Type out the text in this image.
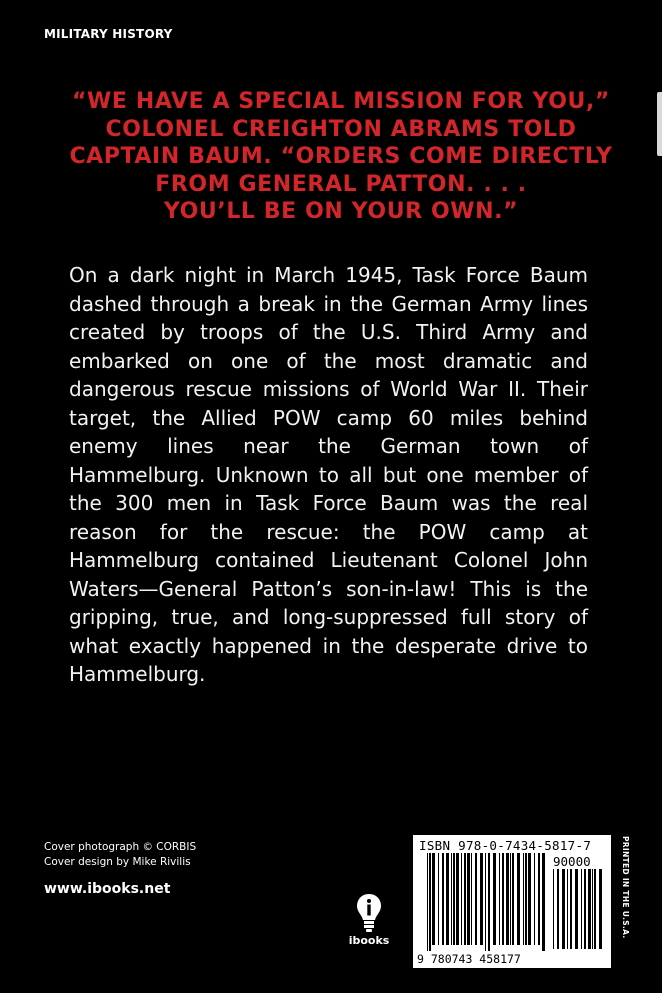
MILITARY HISTORY
“WE HAVE A SPECIAL MISSION FOR YOU,”
COLONEL CREIGHTON ABRAMS TOLD
CAPTAIN BAUM. “ORDERS COME DIRECTLY
FROM GENERAL PATTON. . . .
YOU’LL BE ON YOUR OWN.”
On a dark night in March 1945, Task Force Baum dashed through a break in the German Army lines created by troops of the U.S. Third Army and embarked on one of the most dramatic and dangerous rescue missions of World War II. Their target, the Allied POW camp 60 miles behind enemy lines near the German town of Hammelburg. Unknown to all but one member of the 300 men in Task Force Baum was the real reason for the rescue: the POW camp at Hammelburg contained Lieutenant Colonel John Waters—General Patton’s son-in-law! This is the gripping, true, and long-suppressed full story of what exactly happened in the desperate drive to Hammelburg.
Cover photograph © CORBIS
Cover design by Mike Rivilis
www.ibooks.net
ibooks
ISBN 978-0-7434-5817-7
90000
9 780743 458177
PRINTED IN THE U.S.A.
